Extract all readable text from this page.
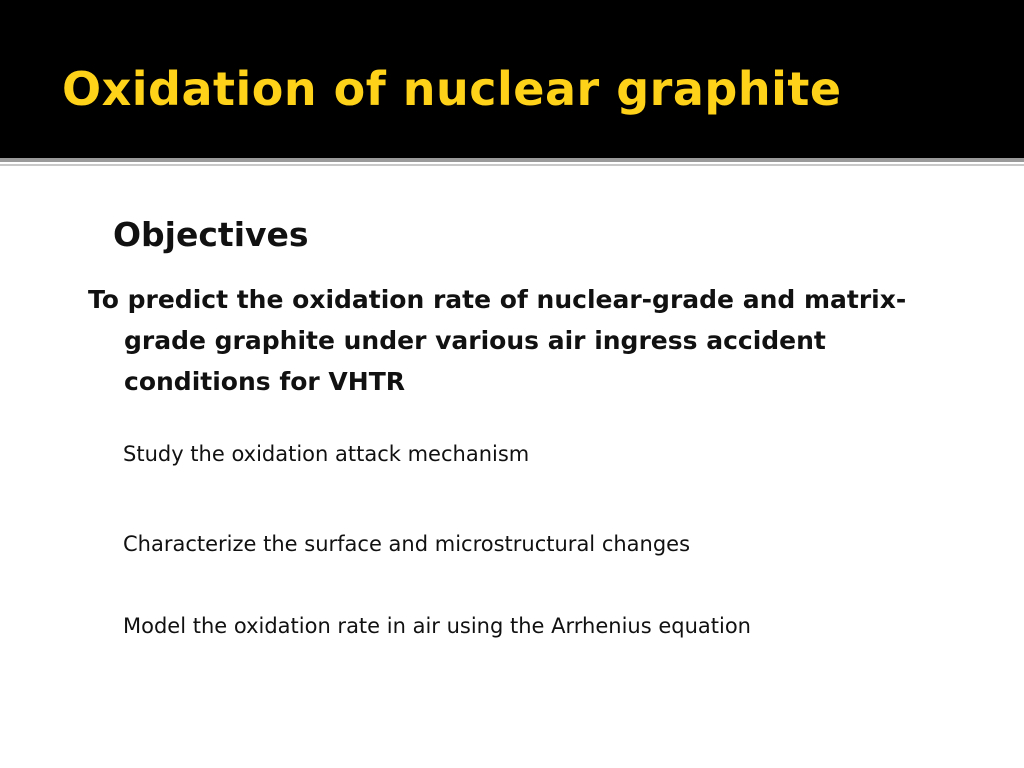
Oxidation of nuclear graphite
Objectives
To predict the oxidation rate of nuclear-grade and matrix-
grade graphite under various air ingress accident
conditions for VHTR
Study the oxidation attack mechanism
Characterize the surface and microstructural changes
Model the oxidation rate in air using the Arrhenius equation
